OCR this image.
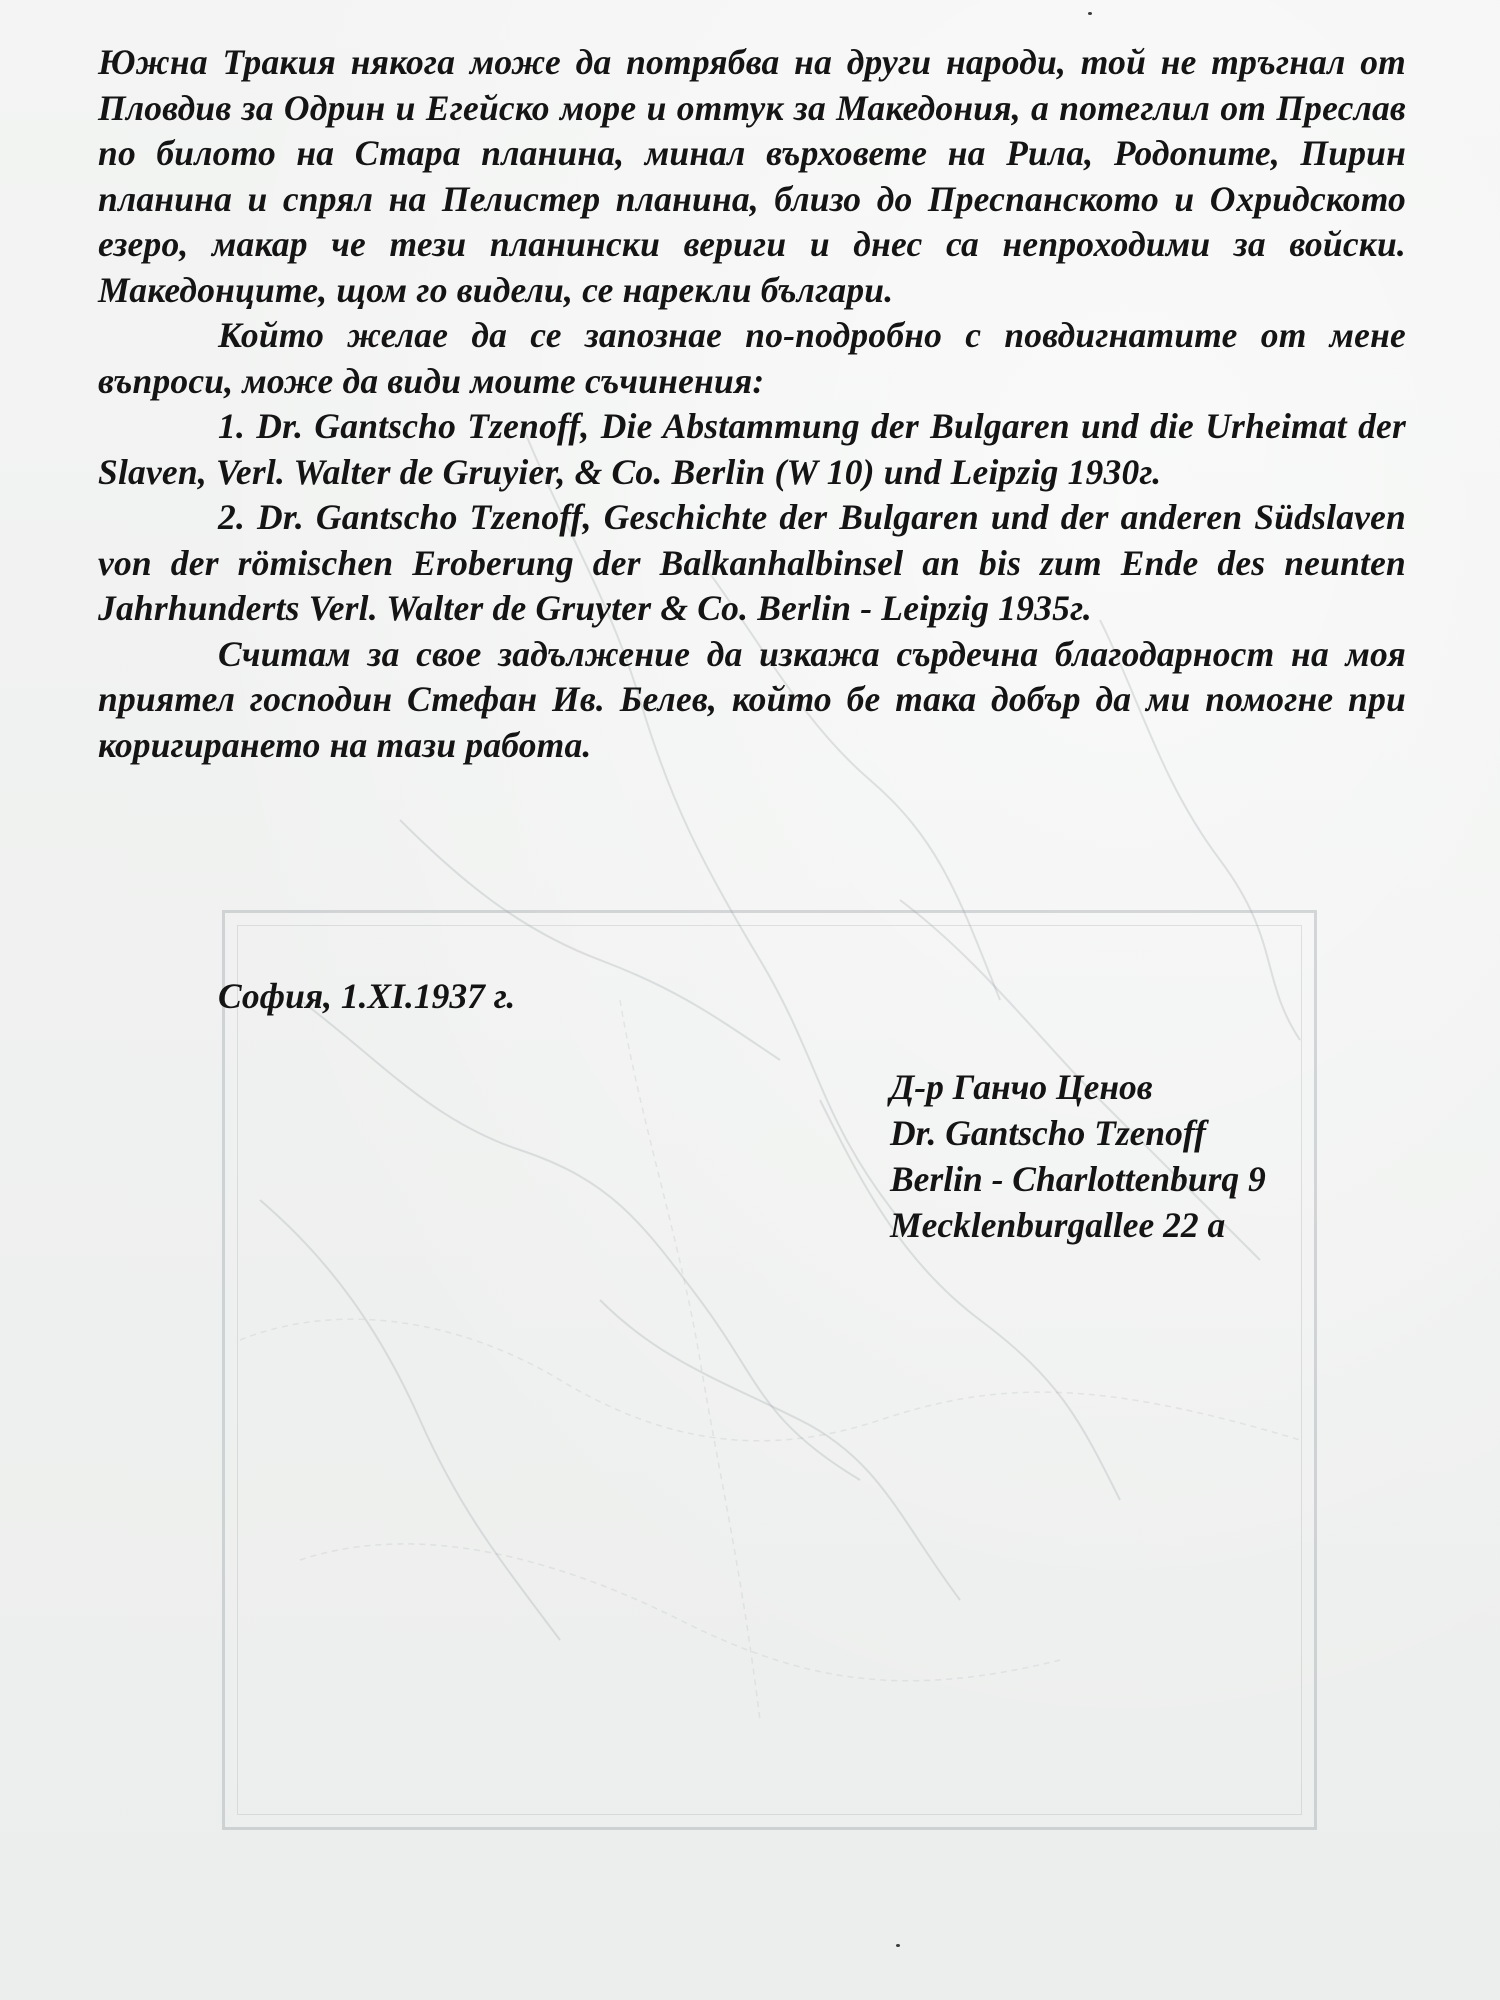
Южна Тракия някога може да потрябва на други народи, той не тръгнал от Пловдив за Одрин и Егейско море и оттук за Македония, а потеглил от Преслав по билото на Стара планина, минал върховете на Рила, Родопите, Пирин планина и спрял на Пелистер планина, близо до Преспанското и Охридското езеро, макар че тези планински вериги и днес са непроходими за войски. Македонците, щом го видели, се нарекли българи.

Който желае да се запознае по-подробно с повдигнатите от мене въпроси, може да види моите съчинения:

1. Dr. Gantscho Tzenoff, Die Abstammung der Bulgaren und die Urheimat der Slaven, Verl. Walter de Gruyier, & Co. Berlin (W 10) und Leipzig 1930г.

2. Dr. Gantscho Tzenoff, Geschichte der Bulgaren und der anderen Südslaven von der römischen Eroberung der Balkanhalbinsel an bis zum Ende des neunten Jahrhunderts Verl. Walter de Gruyter & Co. Berlin - Leipzig 1935г.

Считам за свое задължение да изкажа сърдечна благодарност на моя приятел господин Стефан Ив. Белев, който бе така добър да ми помогне при коригирането на тази работа.

София, 1.XI.1937 г.
Д-р Ганчо Ценов
Dr. Gantscho Tzenoff
Berlin - Charlottenburq 9
Mecklenburgallee 22 a
